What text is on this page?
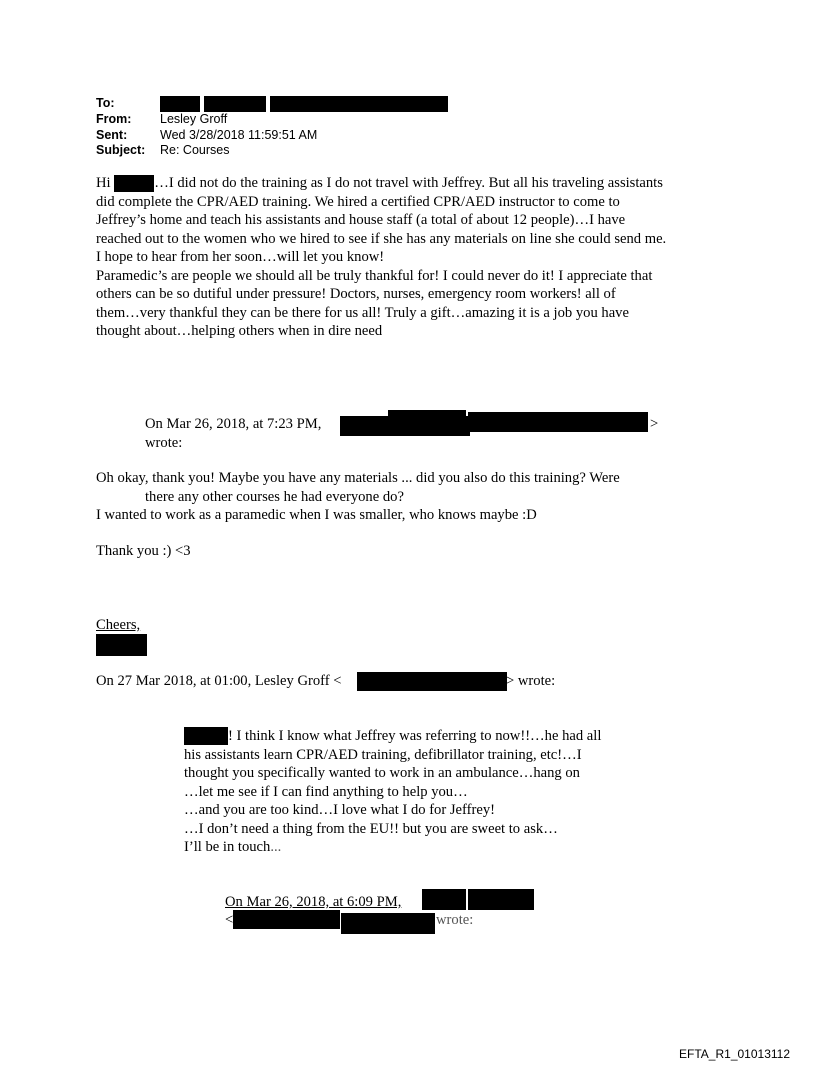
To:
From:	Lesley Groff
Sent:	Wed 3/28/2018 11:59:51 AM
Subject:	Re: Courses
Hi	…I did not do the training as I do not travel with Jeffrey. But all his traveling assistants
did complete the CPR/AED training. We hired a certified CPR/AED instructor to come to
Jeffrey’s home and teach his assistants and house staff (a total of about 12 people)…I have
reached out to the women who we hired to see if she has any materials on line she could send me.
I hope to hear from her soon…will let you know!
Paramedic’s are people we should all be truly thankful for! I could never do it! I appreciate that
others can be so dutiful under pressure! Doctors, nurses, emergency room workers! all of
them…very thankful they can be there for us all! Truly a gift…amazing it is a job you have
thought about…helping others when in dire need
On Mar 26, 2018, at 7:23 PM,	>
wrote:
Oh okay, thank you! Maybe you have any materials ... did you also do this training? Were
there any other courses he had everyone do?
I wanted to work as a paramedic when I was smaller, who knows maybe :D
Thank you :) <3
Cheers,
On 27 Mar 2018, at 01:00, Lesley Groff <	> wrote:
! I think I know what Jeffrey was referring to now!!…he had all
his assistants learn CPR/AED training, defibrillator training, etc!…I
thought you specifically wanted to work in an ambulance…hang on
…let me see if I can find anything to help you…
…and you are too kind…I love what I do for Jeffrey!
…I don’t need a thing from the EU!! but you are sweet to ask…
I’ll be in touch...
On Mar 26, 2018, at 6:09 PM,
<	wrote:
EFTA_R1_01013112
